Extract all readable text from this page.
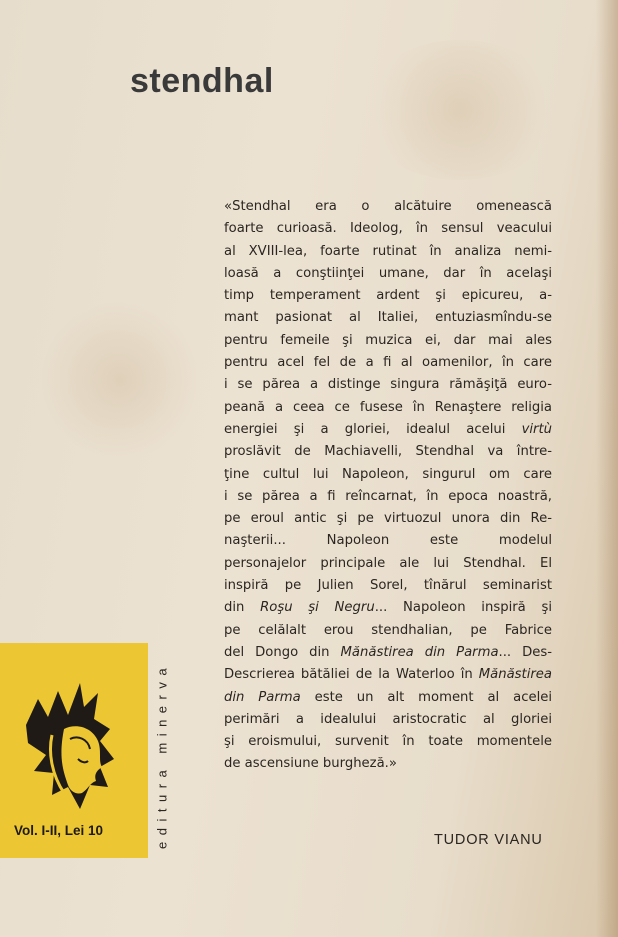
stendhal

«Stendhal era o alcătuire omenească
foarte curioasă. Ideolog, în sensul veacului
al XVIII-lea, foarte rutinat în analiza nemi-
loasă a conştiinţei umane, dar în acelaşi
timp temperament ardent şi epicureu, a-
mant pasionat al Italiei, entuziasmîndu-se
pentru femeile şi muzica ei, dar mai ales
pentru acel fel de a fi al oamenilor, în care
i se părea a distinge singura rămăşiţă euro-
peană a ceea ce fusese în Renaştere religia
energiei şi a gloriei, idealul acelui virtù
proslăvit de Machiavelli, Stendhal va între-
ţine cultul lui Napoleon, singurul om care
i se părea a fi reîncarnat, în epoca noastră,
pe eroul antic şi pe virtuozul unora din Re-
naşterii... Napoleon este modelul
personajelor principale ale lui Stendhal. El
inspiră pe Julien Sorel, tînărul seminarist
din Roşu şi Negru... Napoleon inspiră şi
pe celălalt erou stendhalian, pe Fabrice
del Dongo din Mănăstirea din Parma... Des-
Descrierea bătăliei de la Waterloo în Mănăstirea
din Parma este un alt moment al acelei
perimări a idealului aristocratic al gloriei
şi eroismului, survenit în toate momentele
de ascensiune burgheză.»

TUDOR VIANU
Vol. I-II, Lei 10	editura minerva
